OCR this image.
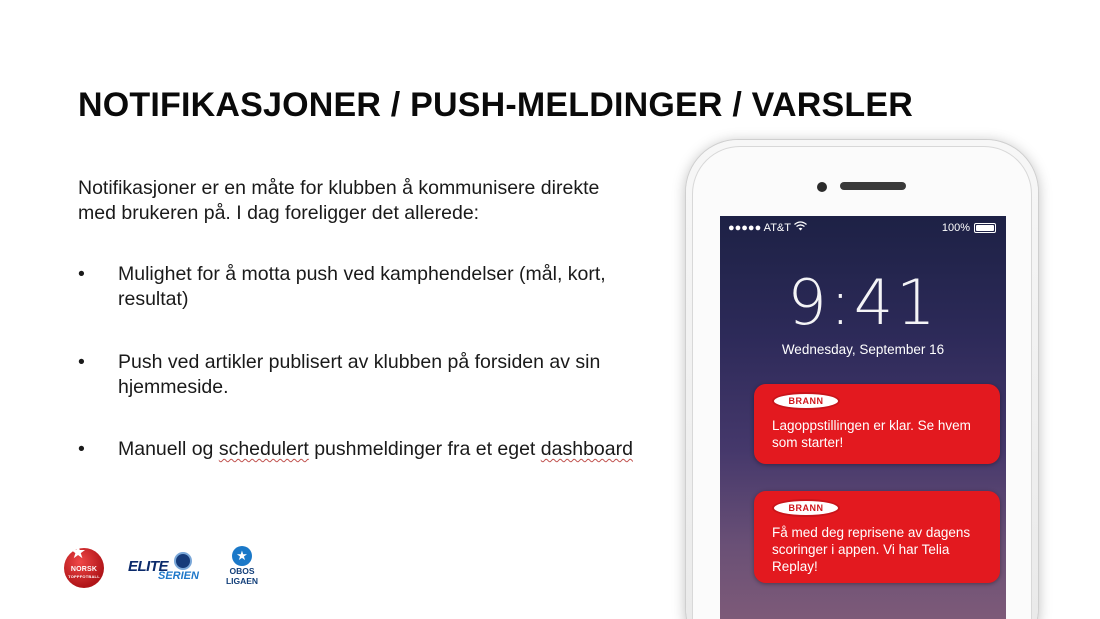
NOTIFIKASJONER / PUSH-MELDINGER / VARSLER

Notifikasjoner er en måte for klubben å kommunisere direkte med brukeren på. I dag foreligger det allerede:

•	Mulighet for å motta push ved kamphendelser (mål, kort, resultat)
•	Push ved artikler publisert av klubben på forsiden av sin hjemmeside.
•	Manuell og schedulert pushmeldinger fra et eget dashboard
★
NORSK
TOPPFOTBALL
ELITE
SERIEN
★
OBOS
LIGAEN
●●●●● AT&T	100%
9:41
Wednesday, September 16
BRANN
Lagoppstillingen er klar. Se hvem som starter!
BRANN
Få med deg reprisene av dagens scoringer i appen. Vi har Telia Replay!
